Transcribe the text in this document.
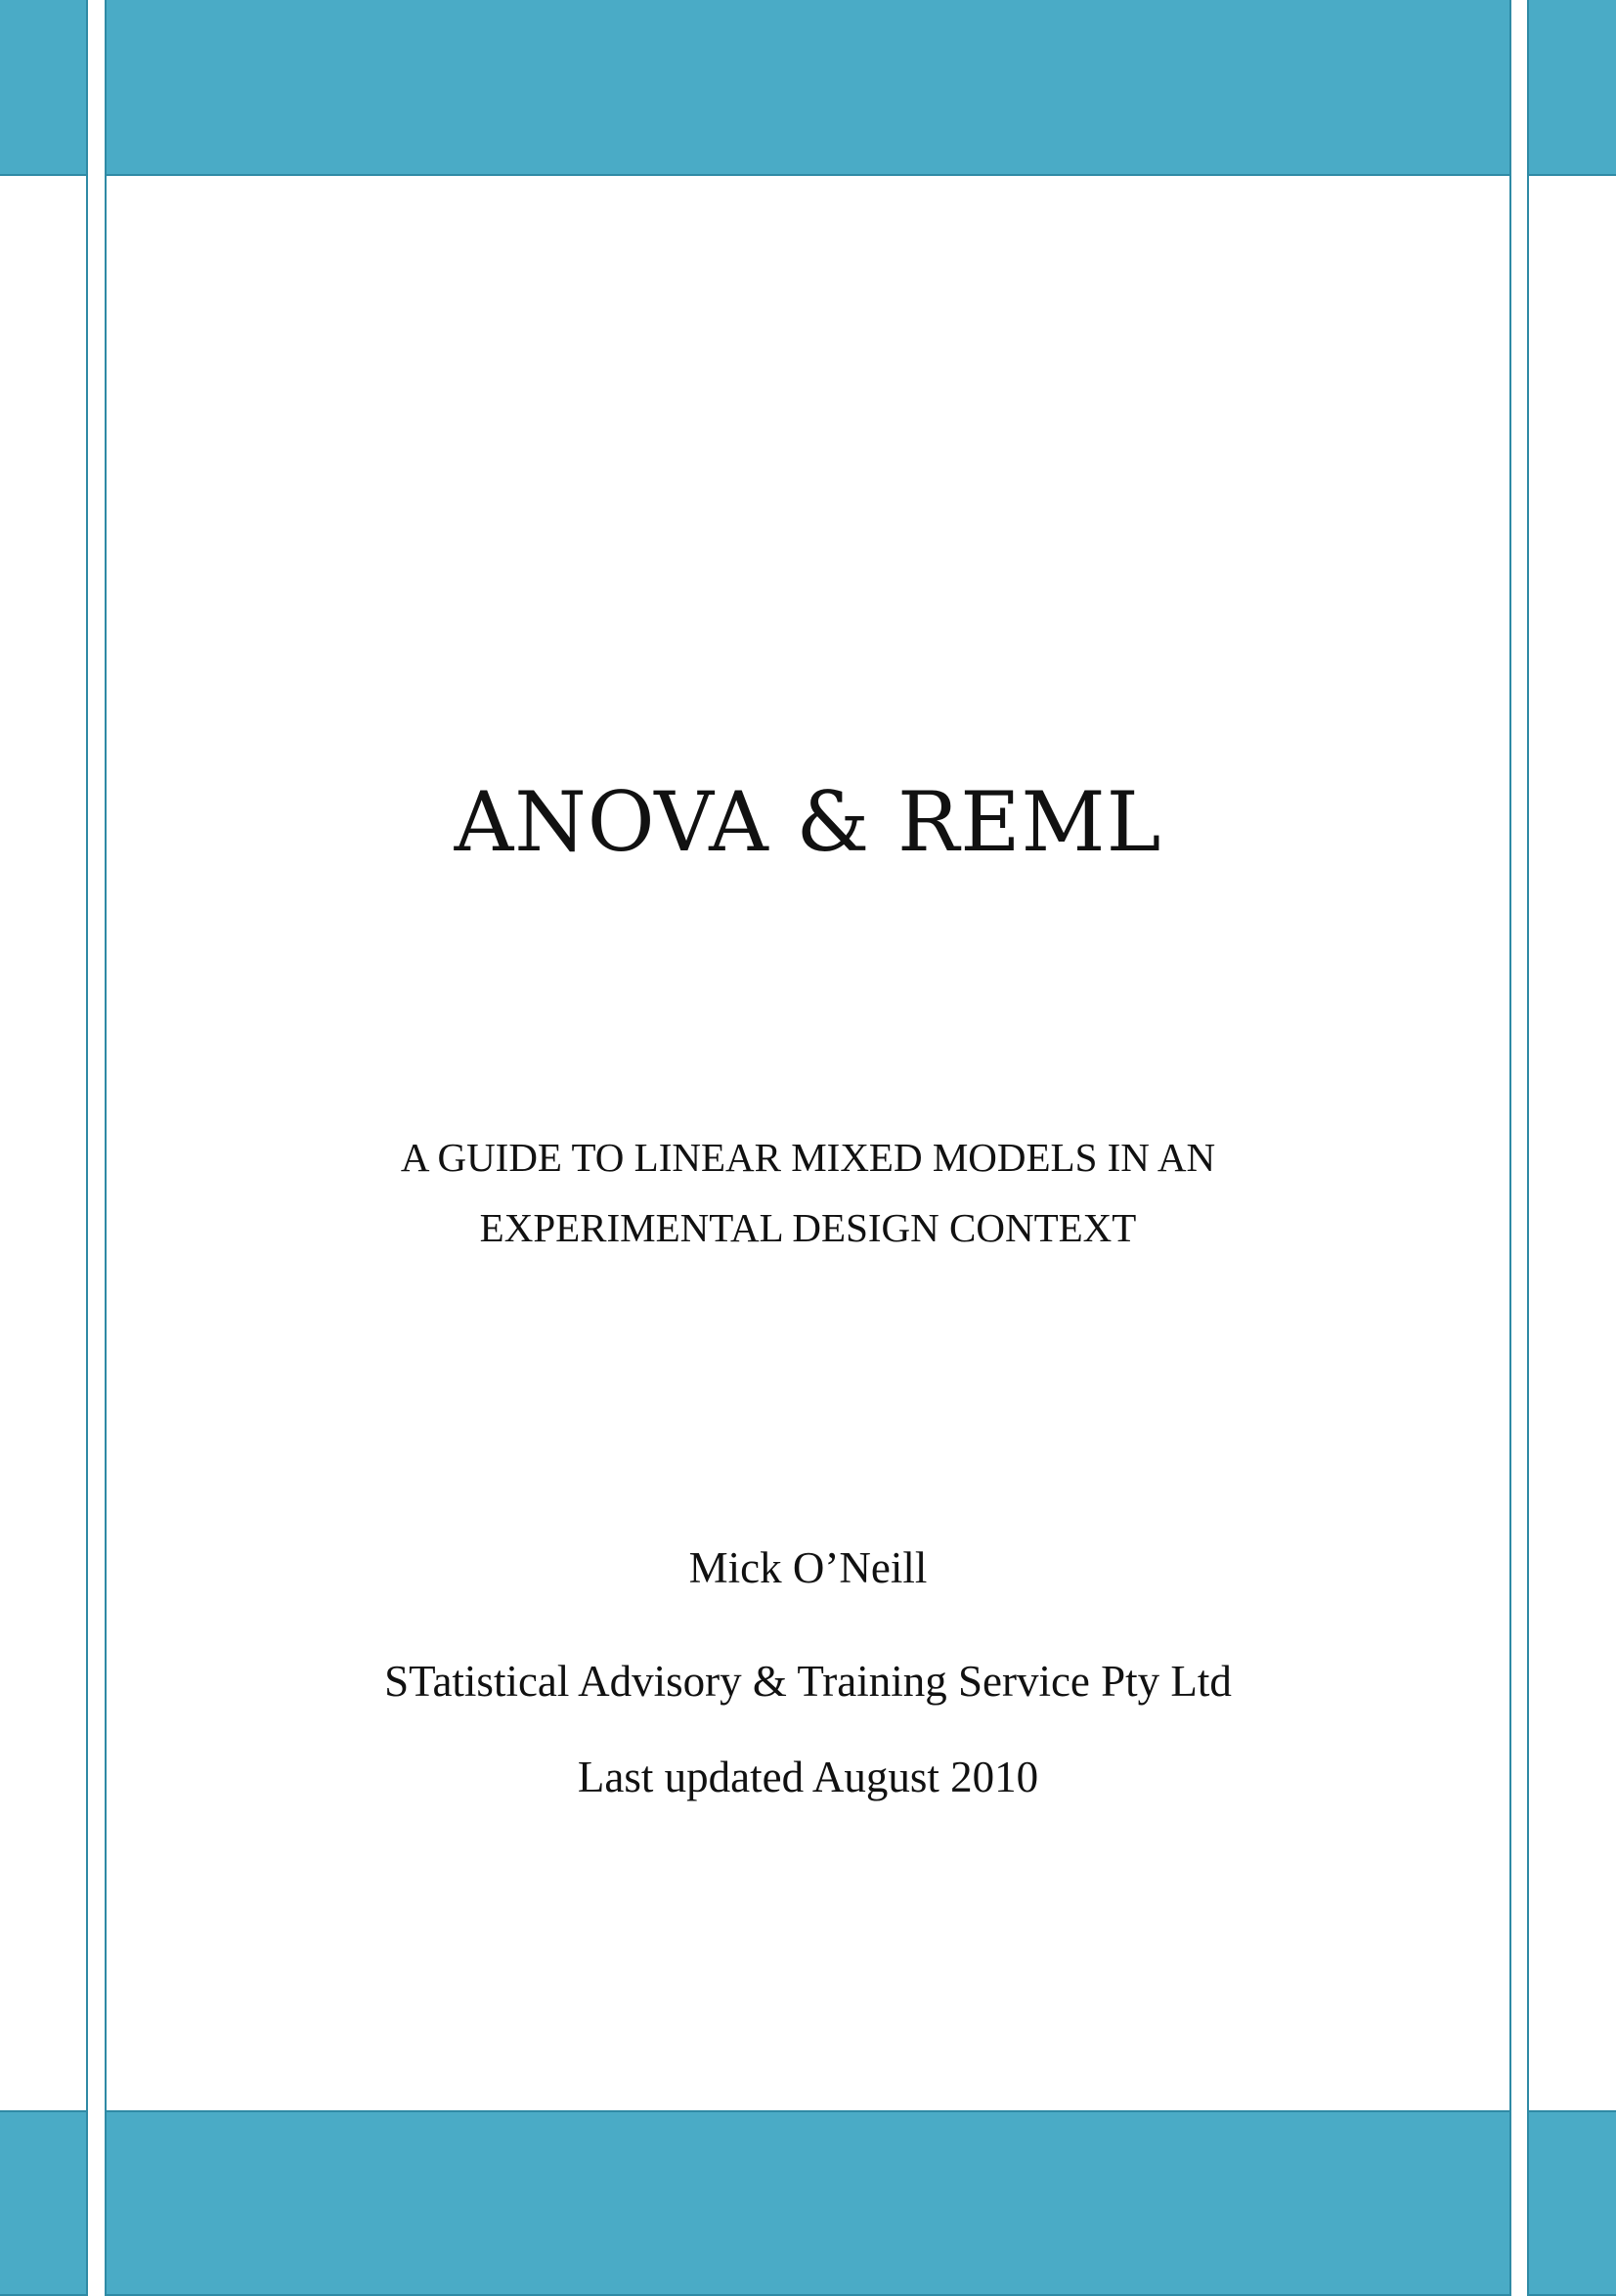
ANOVA & REML
A GUIDE TO LINEAR MIXED MODELS IN AN
EXPERIMENTAL DESIGN CONTEXT

Mick O’Neill

STatistical Advisory & Training Service Pty Ltd

Last updated August 2010
